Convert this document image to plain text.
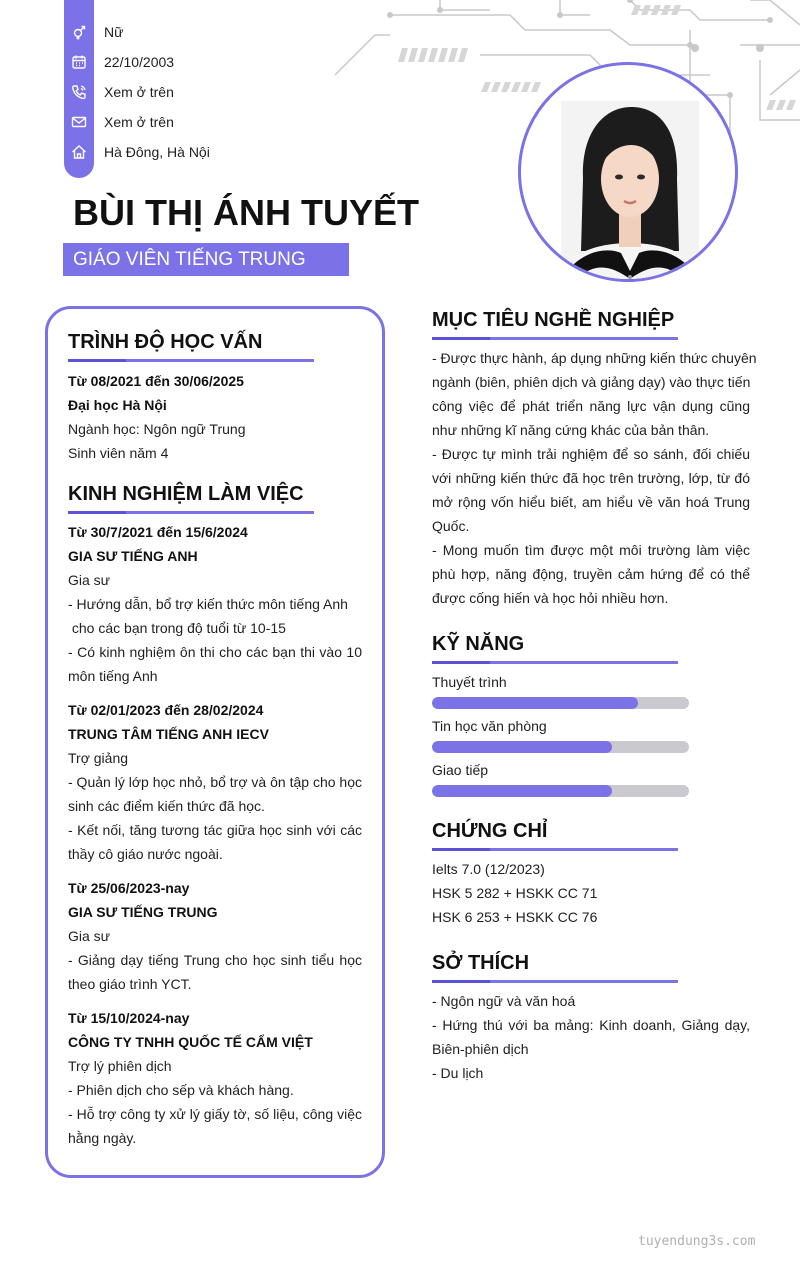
Nữ
22/10/2003
Xem ở trên
Xem ở trên
Hà Đông, Hà Nội
BÙI THỊ ÁNH TUYẾT
GIÁO VIÊN TIẾNG TRUNG
TRÌNH ĐỘ HỌC VẤN
Từ 08/2021 đến 30/06/2025
Đại học Hà Nội
Ngành học: Ngôn ngữ Trung
Sinh viên năm 4
KINH NGHIỆM LÀM VIỆC
Từ 30/7/2021 đến 15/6/2024
GIA SƯ TIẾNG ANH
Gia sư
- Hướng dẫn, bổ trợ kiến thức môn tiếng Anh
cho các bạn trong độ tuổi từ 10-15
- Có kinh nghiệm ôn thi cho các bạn thi vào 10
môn tiếng Anh
Từ 02/01/2023 đến 28/02/2024
TRUNG TÂM TIẾNG ANH IECV
Trợ giảng
- Quản lý lớp học nhỏ, bổ trợ và ôn tập cho học
sinh các điểm kiến thức đã học.
- Kết nối, tăng tương tác giữa học sinh với các
thầy cô giáo nước ngoài.
Từ 25/06/2023-nay
GIA SƯ TIẾNG TRUNG
Gia sư
- Giảng dạy tiếng Trung cho học sinh tiểu học
theo giáo trình YCT.
Từ 15/10/2024-nay
CÔNG TY TNHH QUỐC TẾ CẨM VIỆT
Trợ lý phiên dịch
- Phiên dịch cho sếp và khách hàng.
- Hỗ trợ công ty xử lý giấy tờ, số liệu, công việc
hằng ngày.
MỤC TIÊU NGHỀ NGHIỆP
- Được thực hành, áp dụng những kiến thức chuyên
ngành (biên, phiên dịch và giảng dạy) vào thực tiến
công việc để phát triển năng lực vận dụng cũng
như những kĩ năng cứng khác của bản thân.
- Được tự mình trải nghiệm để so sánh, đối chiếu
với những kiến thức đã học trên trường, lớp, từ đó
mở rộng vốn hiểu biết, am hiểu về văn hoá Trung
Quốc.
- Mong muốn tìm được một môi trường làm việc
phù hợp, năng động, truyền cảm hứng để có thể
được cống hiến và học hỏi nhiều hơn.
KỸ NĂNG
Thuyết trình
Tin học văn phòng
Giao tiếp
CHỨNG CHỈ
Ielts 7.0 (12/2023)
HSK 5 282 + HSKK CC 71
HSK 6 253 + HSKK CC 76
SỞ THÍCH
- Ngôn ngữ và văn hoá
- Hứng thú với ba mảng: Kinh doanh, Giảng dạy,
Biên-phiên dịch
- Du lịch
tuyendung3s.com
